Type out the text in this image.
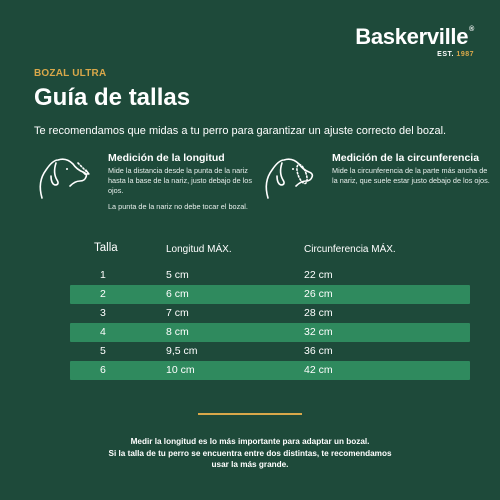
Baskerville ®
EST. 1987
BOZAL ULTRA
Guía de tallas
Te recomendamos que midas a tu perro para garantizar un ajuste correcto del bozal.
Medición de la longitud
Mide la distancia desde la punta de la nariz hasta la base de la nariz, justo debajo de los ojos.
La punta de la nariz no debe tocar el bozal.
Medición de la circunferencia
Mide la circunferencia de la parte más ancha de la nariz, que suele estar justo debajo de los ojos.
Talla	Longitud MÁX.	Circunferencia MÁX.
1	5 cm	22 cm
2	6 cm	26 cm
3	7 cm	28 cm
4	8 cm	32 cm
5	9,5 cm	36 cm
6	10 cm	42 cm
Medir la longitud es lo más importante para adaptar un bozal.
Si la talla de tu perro se encuentra entre dos distintas, te recomendamos usar la más grande.
